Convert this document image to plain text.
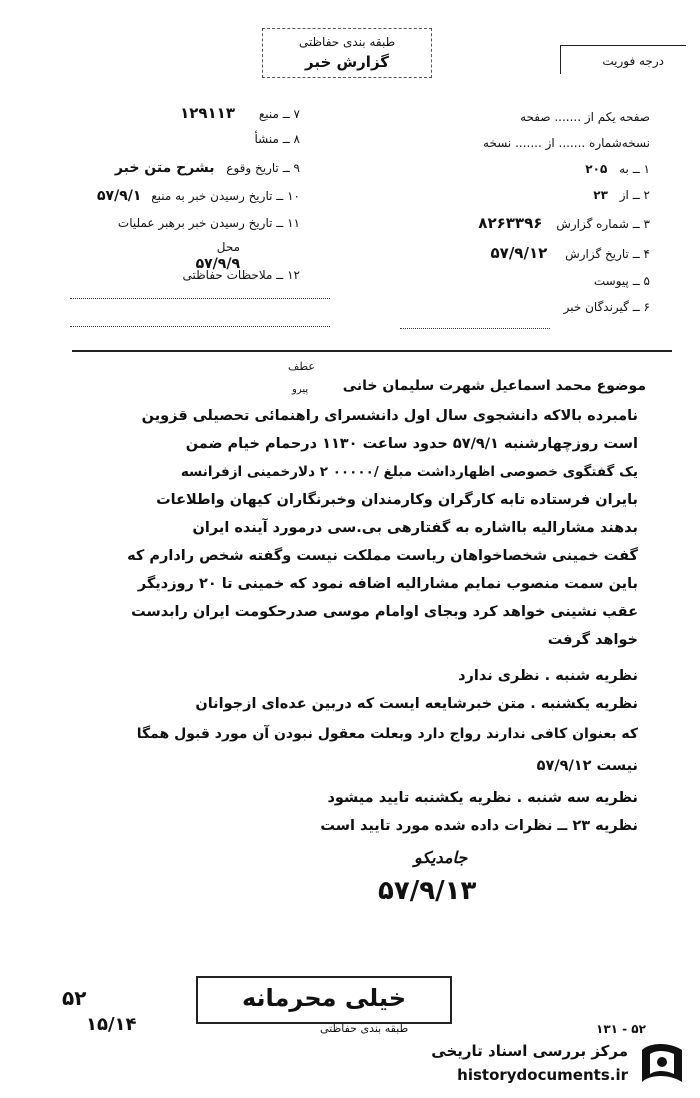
طبقه بندی حفاظتی
گزارش خبر	درجه فوریت
صفحه یکم از ....... صفحه
نسخه‌شماره ....... از ....... نسخه
۱ ــ به ۲۰۵
۲ ــ از ۲۳
۳ ــ شماره گزارش ۸۲۶۳۳۹۶
۴ ــ تاریخ گزارش ۵۷/۹/۱۲
۵ ــ پیوست
۶ ــ گیرندگان خبر
۷ ــ منبع ۱۲۹۱۱۳
۸ ــ منشأ
۹ ــ تاریخ وقوع بشرح متن خبر
۱۰ ــ تاریخ رسیدن خبر به منبع ۵۷/۹/۱
۱۱ ــ تاریخ رسیدن خبر برهبر عملیات
محل
۵۷/۹/۹
۱۲ ــ ملاحظات حفاظتی
عطف
پیرو موضوع محمد اسماعیل شهرت سلیمان خانی
نامبرده بالاکه دانشجوی سال اول دانشسرای راهنمائی تحصیلی قزوین
است روزچهارشنبه ۵۷/۹/۱ حدود ساعت ۱۱۳۰ درحمام خیام ضمن
یک گفتگوی خصوصی اظهارداشت مبلغ /۰۰۰۰۰ ۲ دلارخمینی ازفرانسه
بایران فرستاده تابه کارگران وکارمندان وخبرنگاران کیهان واطلاعات
بدهند مشارالیه بااشاره به گفتارهی بی.سی درمورد آینده ایران
گفت خمینی شخصاخواهان ریاست مملکت نیست وگفته شخص رادارم که
باین سمت منصوب نمایم مشارالیه اضافه نمود که خمینی تا ۲۰ روزدیگر
عقب نشینی خواهد کرد وبجای اوامام موسی صدرحکومت ایران رابدست
خواهد گرفت
نظریه شنبه . نظری ندارد
نظریه یکشنبه . متن خبرشایعه ایست که دربین عده‌ای ازجوانان
که بعنوان کافی ندارند رواج دارد وبعلت معقول نبودن آن مورد قبول همگا
نیست ۵۷/۹/۱۲
نظریه سه شنبه . نظریه یکشنبه تایید میشود
نظریه ۲۳ ــ نظرات داده شده مورد تایید است
جامدیکو
۵۷/۹/۱۳
۵۲
۱۵/۱۴
خیلی محرمانه
طبقه بندی حفاظتی	۱۳۱ - ۵۲
مرکز بررسی اسناد تاریخی
historydocuments.ir
